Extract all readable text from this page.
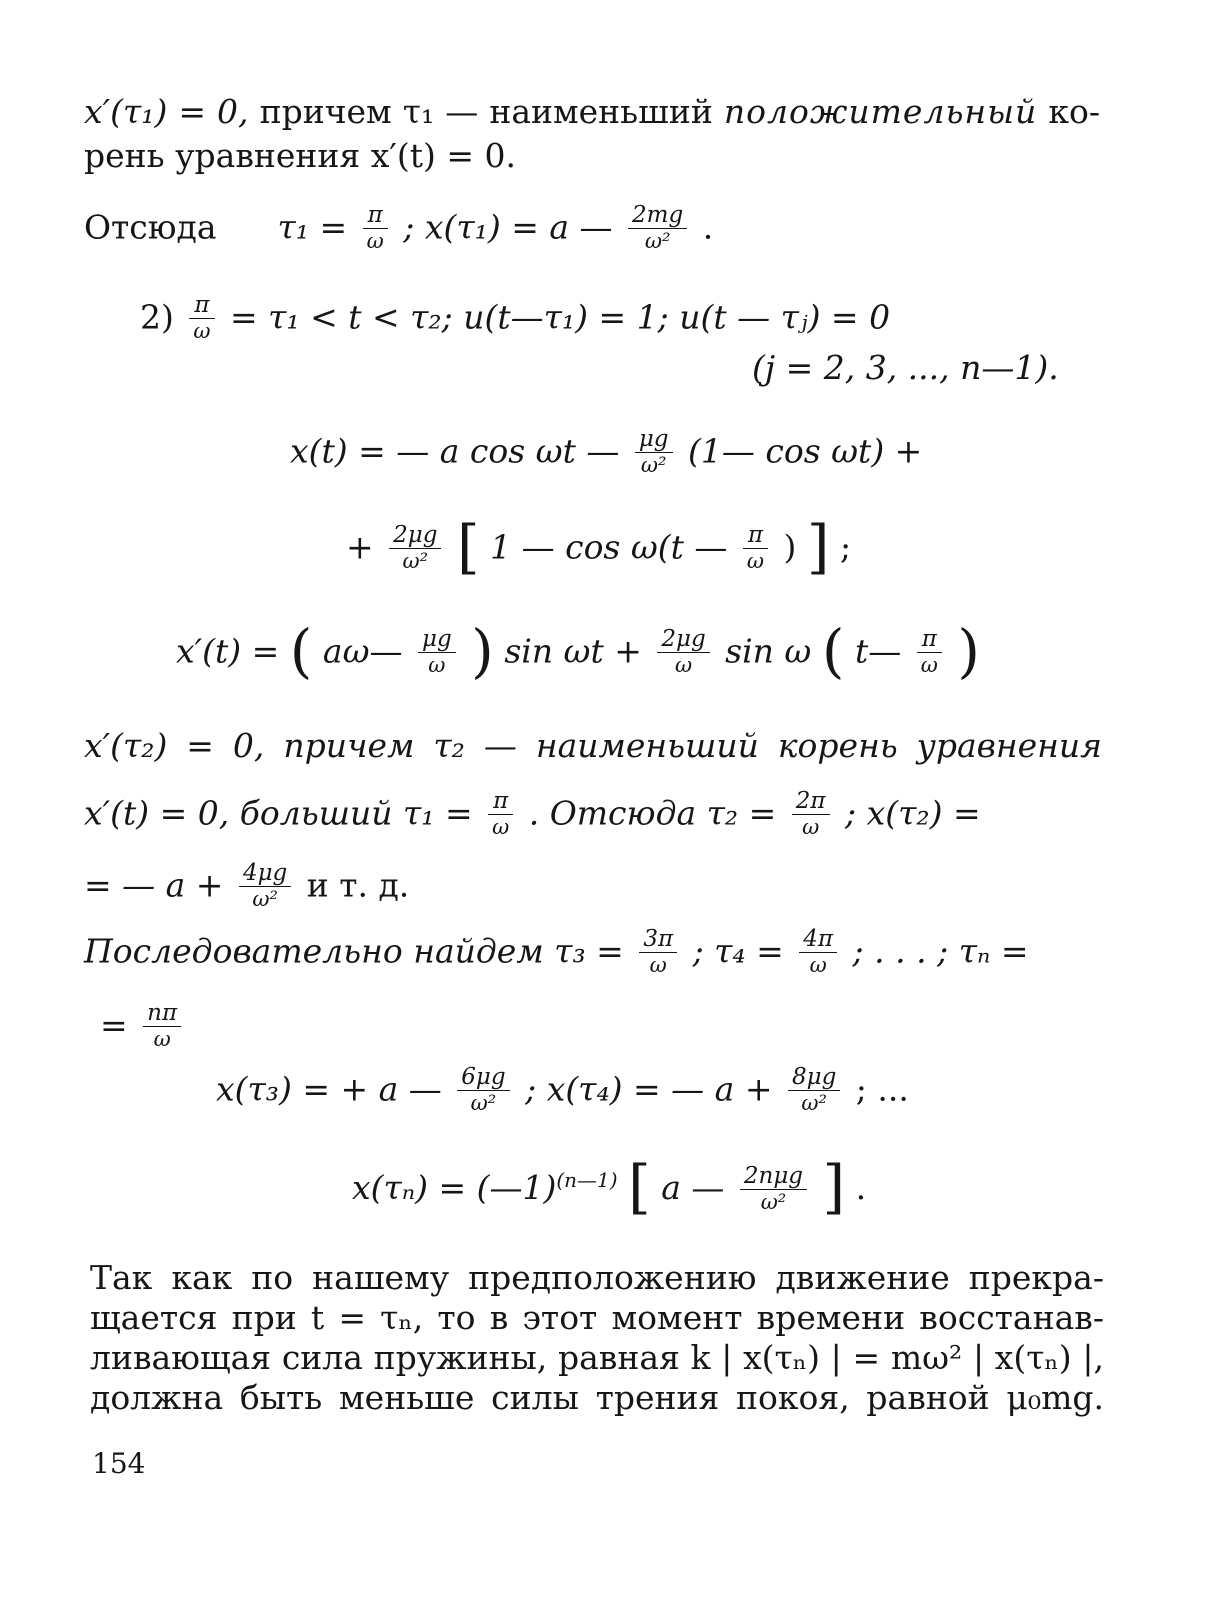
x′(τ₁) = 0, причем τ₁ — наименьший положительный ко-
рень уравнения x′(t) = 0.
Отсюда $\tau_1 = \frac{\pi}{\omega}$ ; x(τ₁) = a — $\frac{2mg}{\text{ω²}}$ .
$2) \frac{\pi}{\omega} = \tau_1 < t < \tau_2$; u(t—τ₁) = 1; u(t — τⱼ) = 0
(j = 2, 3, ..., n—1).
x(t) = — a cos ωt — $\frac{\mu g}{\text{ω²}}$ (1— cos ωt) +
+ $\frac{2\mu g}{\text{ω²}}$ [ 1 — cos ω(t — $\frac{\pi}{\omega}$ ) ] ;
x′(t) = ( aω— $\frac{\mu g}{\omega}$ ) $\sin \omega t + \frac{2\mu g}{\omega}$ sin ω ( t— $\frac{\pi}{\omega}$ )
x′(τ₂) = 0, причем τ₂ — наименьший корень уравнения
x′(t) = 0, больший $\tau_1 = \frac{\pi}{\omega}$ . Отсюда $\tau_2 = \frac{2\pi}{\omega}$ ; x(τ₂) =
= — $a + \frac{4\mu g}{\text{ω²}}$ и т. д.
Последовательно найдем $\tau_3 = \frac{3\pi}{\omega}$ ; $\tau_4 = \frac{4\pi}{\omega}$ ; . . . ; τₙ =
= $\frac{n\pi}{\omega}$
x(τ₃) = + a — $\frac{6\mu g}{\text{ω²}}$ ; x(τ₄) = — $a + \frac{8\mu g}{\text{ω²}}$ ; ...
x(τₙ) = (—1)$^{(n—1)}$ [ a — $\frac{\text{2nμg}}{\text{ω²}}$ ] .
Так как по нашему предположению движение прекра-
щается при t = τₙ, то в этот момент времени восстанав-
ливающая сила пружины, равная k | x(τₙ) | = mω² | x(τₙ) |,
должна быть меньше силы трения покоя, равной μ₀mg.
154
